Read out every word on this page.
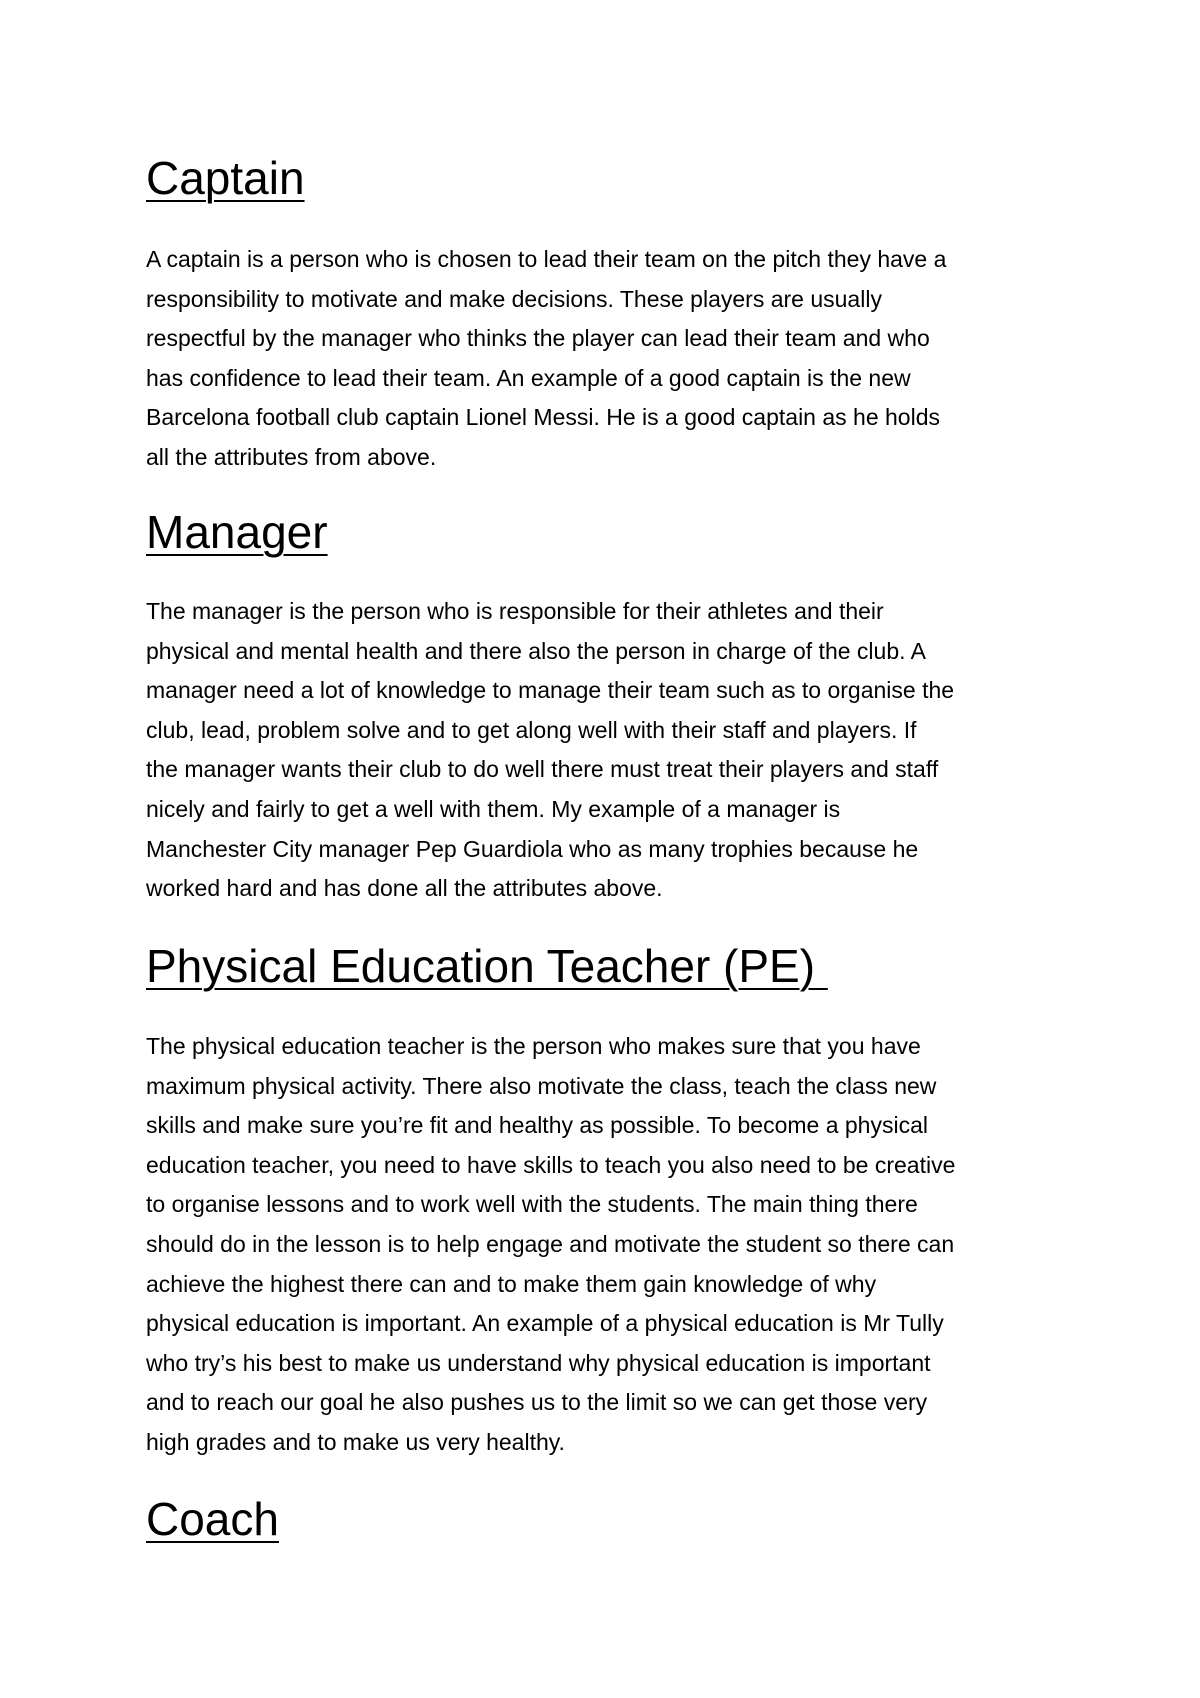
Captain
A captain is a person who is chosen to lead their team on the pitch they have a
responsibility to motivate and make decisions. These players are usually
respectful by the manager who thinks the player can lead their team and who
has confidence to lead their team. An example of a good captain is the new
Barcelona football club captain Lionel Messi. He is a good captain as he holds
all the attributes from above.
Manager
The manager is the person who is responsible for their athletes and their
physical and mental health and there also the person in charge of the club. A
manager need a lot of knowledge to manage their team such as to organise the
club, lead, problem solve and to get along well with their staff and players. If
the manager wants their club to do well there must treat their players and staff
nicely and fairly to get a well with them. My example of a manager is
Manchester City manager Pep Guardiola who as many trophies because he
worked hard and has done all the attributes above.
Physical Education Teacher (PE)
The physical education teacher is the person who makes sure that you have
maximum physical activity. There also motivate the class, teach the class new
skills and make sure you’re fit and healthy as possible. To become a physical
education teacher, you need to have skills to teach you also need to be creative
to organise lessons and to work well with the students. The main thing there
should do in the lesson is to help engage and motivate the student so there can
achieve the highest there can and to make them gain knowledge of why
physical education is important. An example of a physical education is Mr Tully
who try’s his best to make us understand why physical education is important
and to reach our goal he also pushes us to the limit so we can get those very
high grades and to make us very healthy.
Coach
